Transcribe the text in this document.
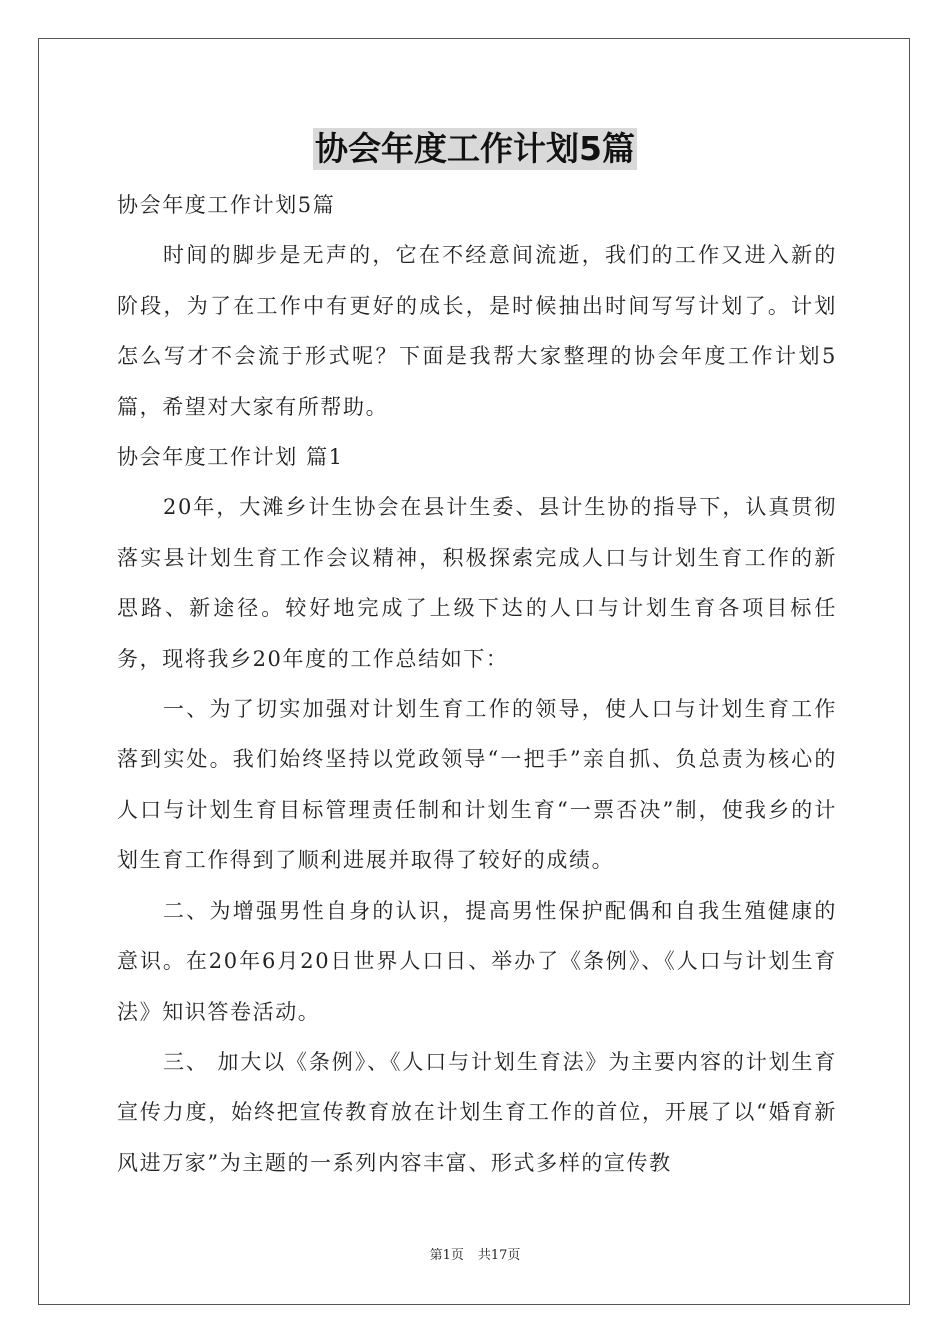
协会年度工作计划5篇

协会年度工作计划5篇

时间的脚步是无声的，它在不经意间流逝，我们的工作又进入新的阶段，为了在工作中有更好的成长，是时候抽出时间写写计划了。计划怎么写才不会流于形式呢？下面是我帮大家整理的协会年度工作计划5篇，希望对大家有所帮助。

协会年度工作计划 篇1

20年，大滩乡计生协会在县计生委、县计生协的指导下，认真贯彻落实县计划生育工作会议精神，积极探索完成人口与计划生育工作的新思路、新途径。较好地完成了上级下达的人口与计划生育各项目标任务，现将我乡20年度的工作总结如下：

一、为了切实加强对计划生育工作的领导，使人口与计划生育工作落到实处。我们始终坚持以党政领导“一把手”亲自抓、负总责为核心的人口与计划生育目标管理责任制和计划生育“一票否决”制，使我乡的计划生育工作得到了顺利进展并取得了较好的成绩。

二、为增强男性自身的认识，提高男性保护配偶和自我生殖健康的意识。在20年6月20日世界人口日、举办了《条例》、《人口与计划生育法》知识答卷活动。

三、 加大以《条例》、《人口与计划生育法》为主要内容的计划生育宣传力度，始终把宣传教育放在计划生育工作的首位，开展了以“婚育新风进万家”为主题的一系列内容丰富、形式多样的宣传教

第1页 共17页
